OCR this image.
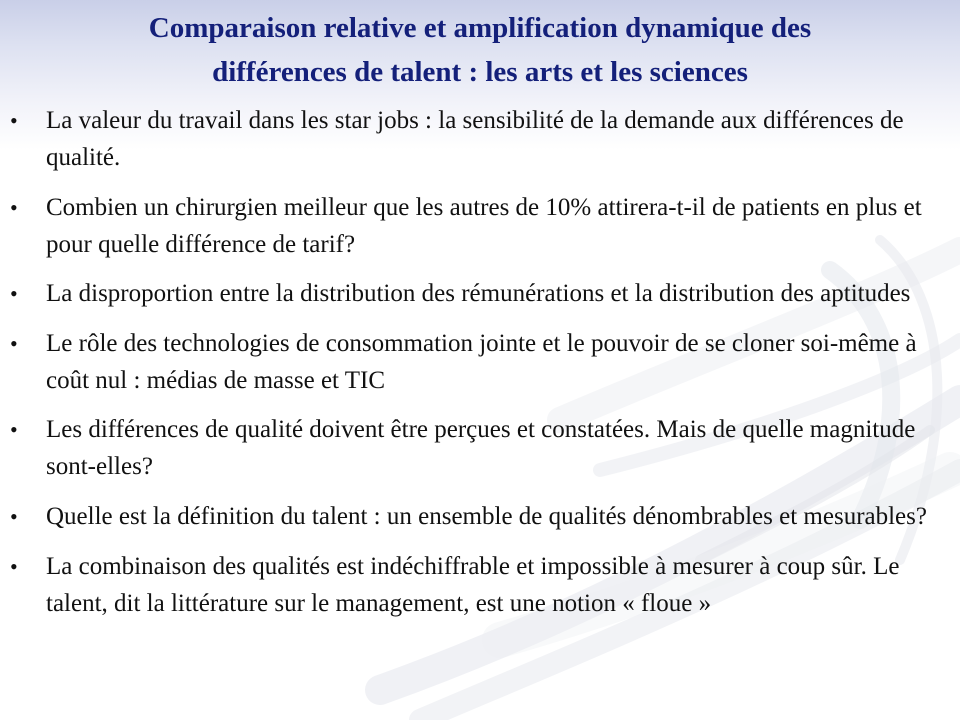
Comparaison relative et amplification dynamique des
différences de talent : les arts et les sciences
• La valeur du travail dans les star jobs : la sensibilité de la demande aux différences de qualité.
• Combien un chirurgien meilleur que les autres de 10% attirera-t-il de patients en plus et pour quelle différence de tarif?
• La disproportion entre la distribution des rémunérations et la distribution des aptitudes
• Le rôle des technologies de consommation jointe et le pouvoir de se cloner soi-même à coût nul : médias de masse et TIC
• Les différences de qualité doivent être perçues et constatées. Mais de quelle magnitude sont-elles?
• Quelle est la définition du talent : un ensemble de qualités dénombrables et mesurables?
• La combinaison des qualités est indéchiffrable et impossible à mesurer à coup sûr. Le talent, dit la littérature sur le management, est une notion « floue »
